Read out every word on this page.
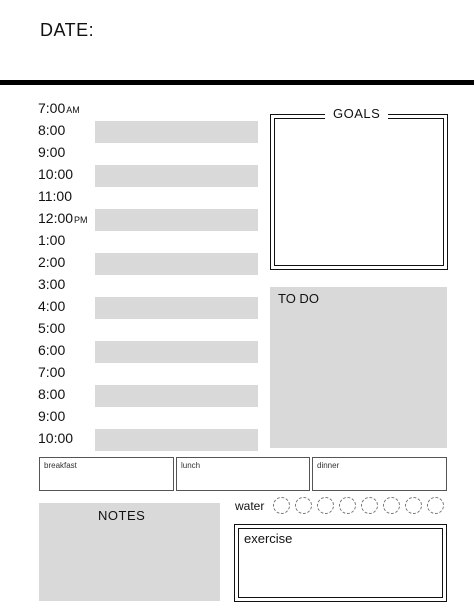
DATE:
7:00AM
8:00
9:00
10:00
11:00
12:00PM
1:00
2:00
3:00
4:00
5:00
6:00
7:00
8:00
9:00
10:00
GOALS
TO DO
breakfast	lunch	dinner
NOTES
water
exercise
